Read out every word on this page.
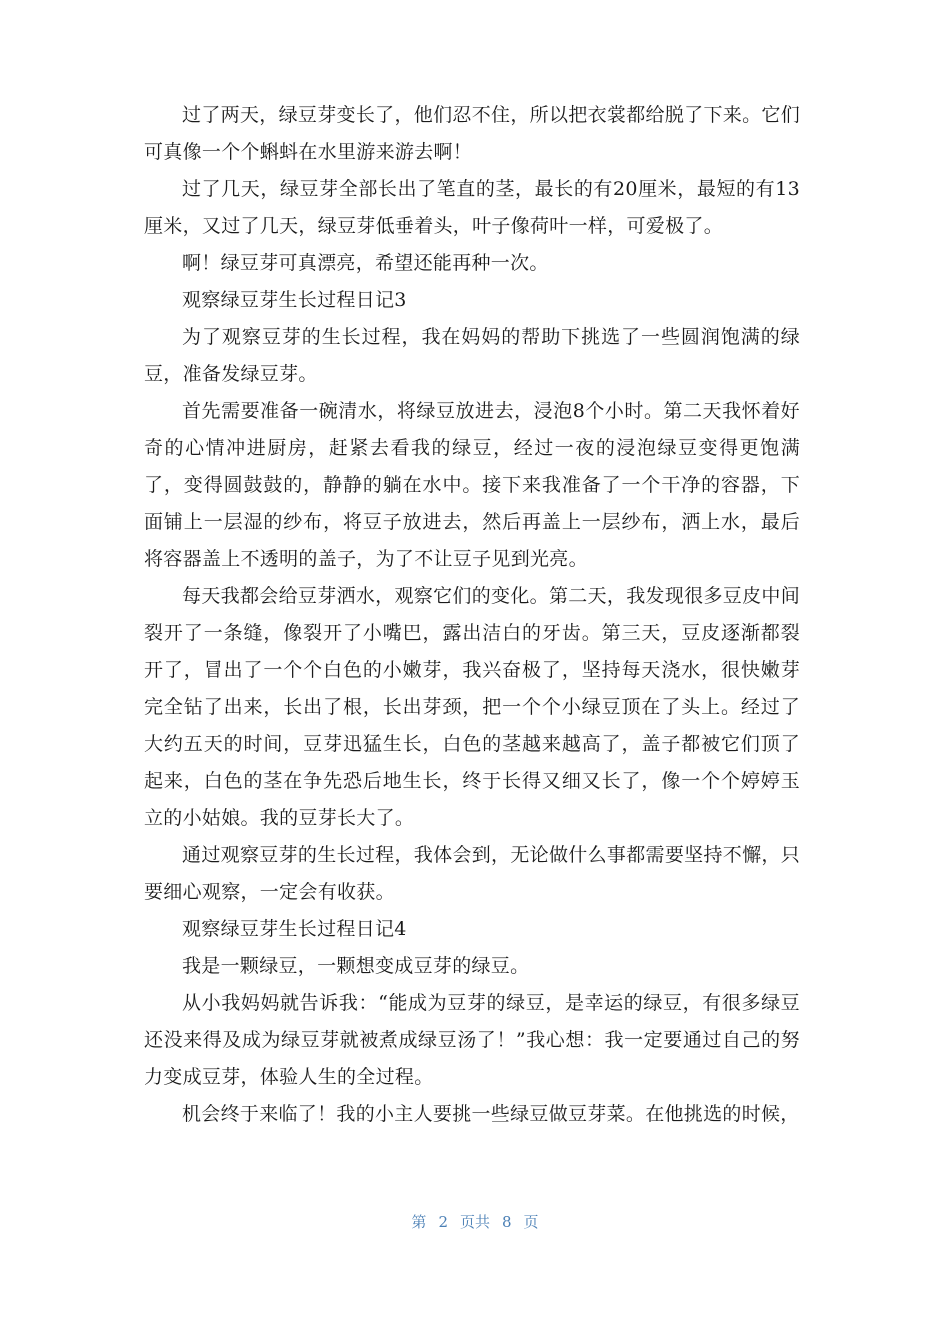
过了两天，绿豆芽变长了，他们忍不住，所以把衣裳都给脱了下来。它们可真像一个个蝌蚪在水里游来游去啊！

过了几天，绿豆芽全部长出了笔直的茎，最长的有20厘米，最短的有13厘米，又过了几天，绿豆芽低垂着头，叶子像荷叶一样，可爱极了。

啊！绿豆芽可真漂亮，希望还能再种一次。

观察绿豆芽生长过程日记3

为了观察豆芽的生长过程，我在妈妈的帮助下挑选了一些圆润饱满的绿豆，准备发绿豆芽。

首先需要准备一碗清水，将绿豆放进去，浸泡8个小时。第二天我怀着好奇的心情冲进厨房，赶紧去看我的绿豆，经过一夜的浸泡绿豆变得更饱满了，变得圆鼓鼓的，静静的躺在水中。接下来我准备了一个干净的容器，下面铺上一层湿的纱布，将豆子放进去，然后再盖上一层纱布，洒上水，最后将容器盖上不透明的盖子，为了不让豆子见到光亮。

每天我都会给豆芽洒水，观察它们的变化。第二天，我发现很多豆皮中间裂开了一条缝，像裂开了小嘴巴，露出洁白的牙齿。第三天，豆皮逐渐都裂开了，冒出了一个个白色的小嫩芽，我兴奋极了，坚持每天浇水，很快嫩芽完全钻了出来，长出了根，长出芽颈，把一个个小绿豆顶在了头上。经过了大约五天的时间，豆芽迅猛生长，白色的茎越来越高了，盖子都被它们顶了起来，白色的茎在争先恐后地生长，终于长得又细又长了，像一个个婷婷玉立的小姑娘。我的豆芽长大了。

通过观察豆芽的生长过程，我体会到，无论做什么事都需要坚持不懈，只要细心观察，一定会有收获。

观察绿豆芽生长过程日记4

我是一颗绿豆，一颗想变成豆芽的绿豆。

从小我妈妈就告诉我：“能成为豆芽的绿豆，是幸运的绿豆，有很多绿豆还没来得及成为绿豆芽就被煮成绿豆汤了！”我心想：我一定要通过自己的努力变成豆芽，体验人生的全过程。

机会终于来临了！我的小主人要挑一些绿豆做豆芽菜。在他挑选的时候，

第 2 页共 8 页
